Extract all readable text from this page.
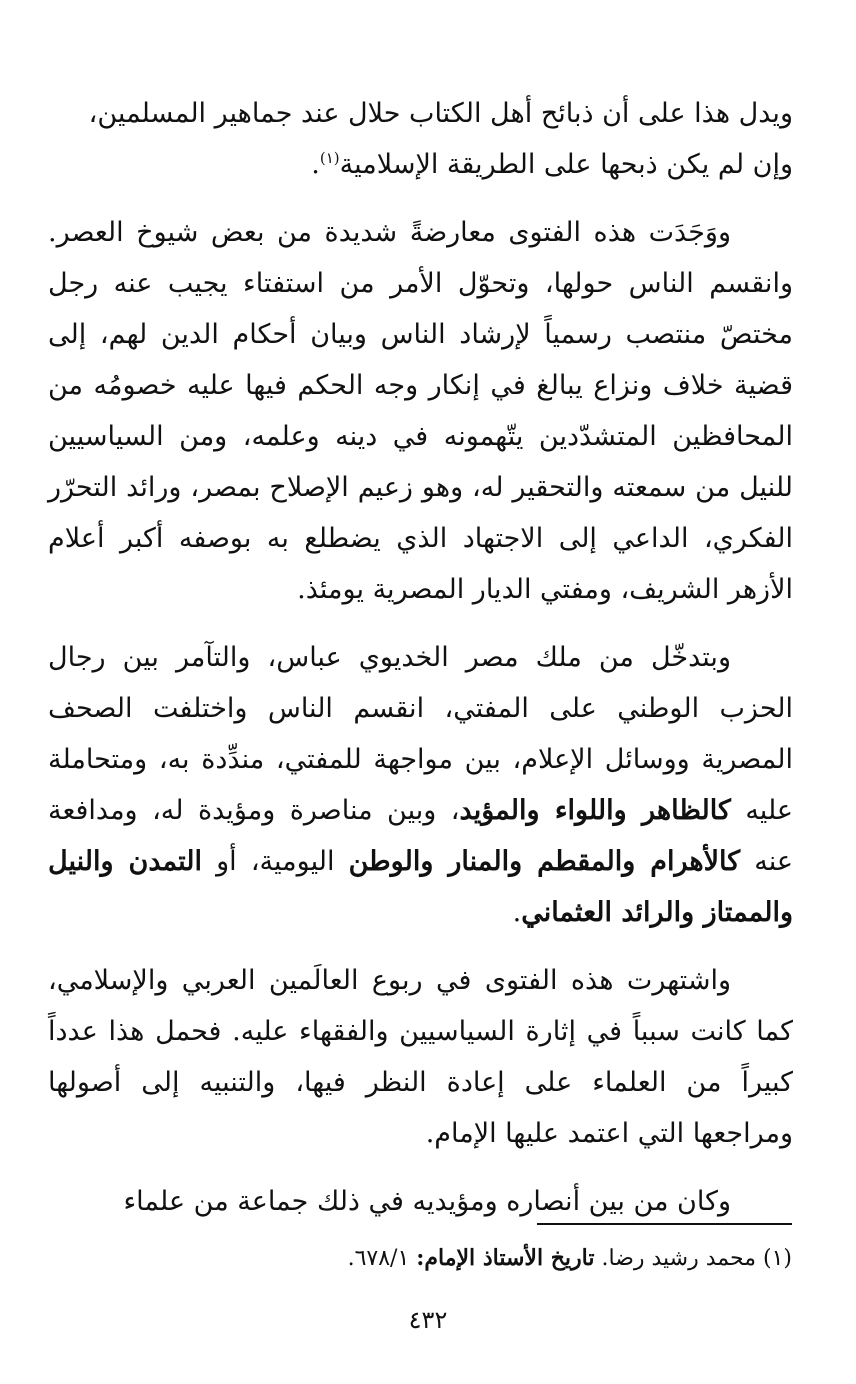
ويدل هذا على أن ذبائح أهل الكتاب حلال عند جماهير المسلمين،
وإن لم يكن ذبحها على الطريقة الإسلامية$^{(١)}$.

ووَجَدَت هذه الفتوى معارضةً شديدة من بعض شيوخ العصر. وانقسم الناس حولها، وتحوّل الأمر من استفتاء يجيب عنه رجل مختصّ منتصب رسمياً لإرشاد الناس وبيان أحكام الدين لهم، إلى قضية خلاف ونزاع يبالغ في إنكار وجه الحكم فيها عليه خصومُه من المحافظين المتشدّدين يتّهمونه في دينه وعلمه، ومن السياسيين للنيل من سمعته والتحقير له، وهو زعيم الإصلاح بمصر، ورائد التحرّر الفكري، الداعي إلى الاجتهاد الذي يضطلع به بوصفه أكبر أعلام الأزهر الشريف، ومفتي الديار المصرية يومئذ.

وبتدخّل من ملك مصر الخديوي عباس، والتآمر بين رجال الحزب الوطني على المفتي، انقسم الناس واختلفت الصحف المصرية ووسائل الإعلام، بين مواجهة للمفتي، مندِّدة به، ومتحاملة عليه كالظاهر واللواء والمؤيد، وبين مناصرة ومؤيدة له، ومدافعة عنه كالأهرام والمقطم والمنار والوطن اليومية، أو التمدن والنيل والممتاز والرائد العثماني.

واشتهرت هذه الفتوى في ربوع العالَمين العربي والإسلامي، كما كانت سبباً في إثارة السياسيين والفقهاء عليه. فحمل هذا عدداً كبيراً من العلماء على إعادة النظر فيها، والتنبيه إلى أصولها ومراجعها التي اعتمد عليها الإمام.

وكان من بين أنصاره ومؤيديه في ذلك جماعة من علماء

(١) محمد رشيد رضا. تاريخ الأستاذ الإمام: ٦٧٨/١.
٤٣٢
